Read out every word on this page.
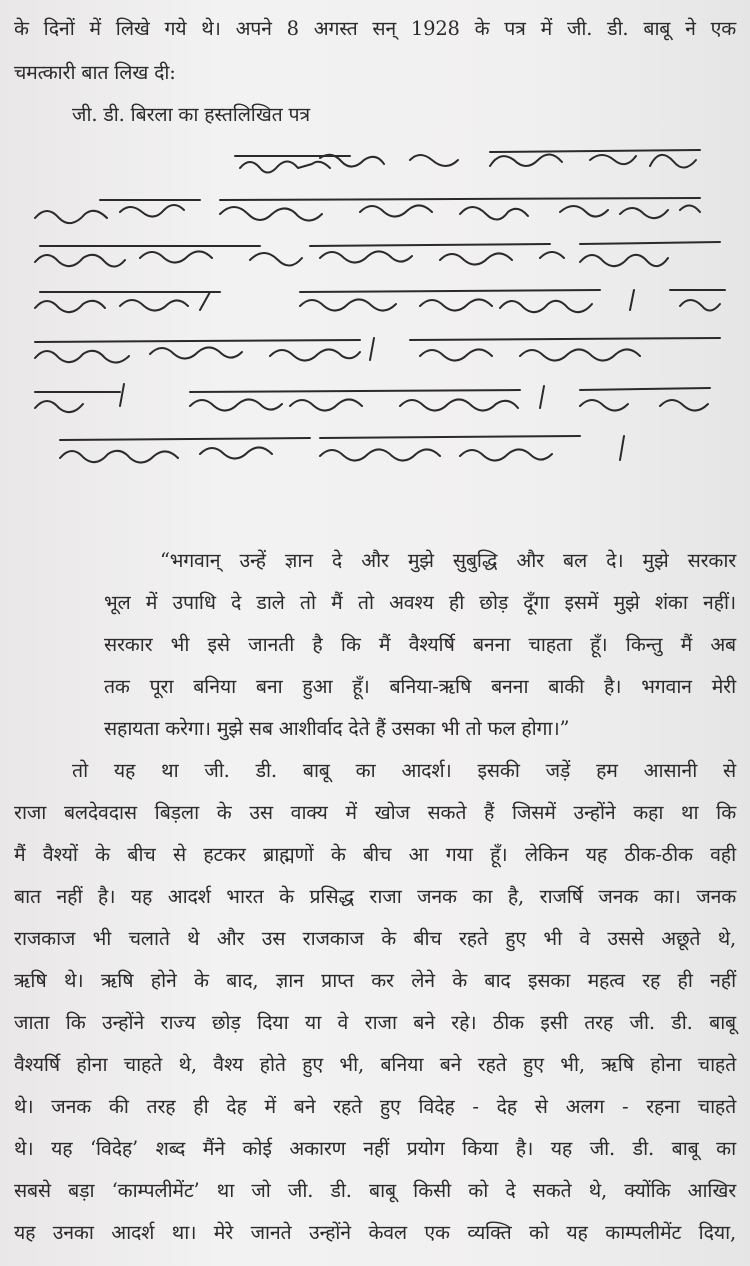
के दिनों में लिखे गये थे। अपने 8 अगस्त सन् 1928 के पत्र में जी. डी. बाबू ने एक
चमत्कारी बात लिख दी:
जी. डी. बिरला का हस्तलिखित पत्र
“भगवान् उन्हें ज्ञान दे और मुझे सुबुद्धि और बल दे। मुझे सरकार
भूल में उपाधि दे डाले तो मैं तो अवश्य ही छोड़ दूँगा इसमें मुझे शंका नहीं।
सरकार भी इसे जानती है कि मैं वैश्यर्षि बनना चाहता हूँ। किन्तु मैं अब
तक पूरा बनिया बना हुआ हूँ। बनिया-ऋषि बनना बाकी है। भगवान मेरी
सहायता करेगा। मुझे सब आशीर्वाद देते हैं उसका भी तो फल होगा।”
तो यह था जी. डी. बाबू का आदर्श। इसकी जड़ें हम आसानी से
राजा बलदेवदास बिड़ला के उस वाक्य में खोज सकते हैं जिसमें उन्होंने कहा था कि
मैं वैश्यों के बीच से हटकर ब्राह्मणों के बीच आ गया हूँ। लेकिन यह ठीक-ठीक वही
बात नहीं है। यह आदर्श भारत के प्रसिद्ध राजा जनक का है, राजर्षि जनक का। जनक
राजकाज भी चलाते थे और उस राजकाज के बीच रहते हुए भी वे उससे अछूते थे,
ऋषि थे। ऋषि होने के बाद, ज्ञान प्राप्त कर लेने के बाद इसका महत्व रह ही नहीं
जाता कि उन्होंने राज्य छोड़ दिया या वे राजा बने रहे। ठीक इसी तरह जी. डी. बाबू
वैश्यर्षि होना चाहते थे, वैश्य होते हुए भी, बनिया बने रहते हुए भी, ऋषि होना चाहते
थे। जनक की तरह ही देह में बने रहते हुए विदेह - देह से अलग - रहना चाहते
थे। यह ‘विदेह’ शब्द मैंने कोई अकारण नहीं प्रयोग किया है। यह जी. डी. बाबू का
सबसे बड़ा ‘काम्पलीमेंट’ था जो जी. डी. बाबू किसी को दे सकते थे, क्योंकि आखिर
यह उनका आदर्श था। मेरे जानते उन्होंने केवल एक व्यक्ति को यह काम्पलीमेंट दिया,
